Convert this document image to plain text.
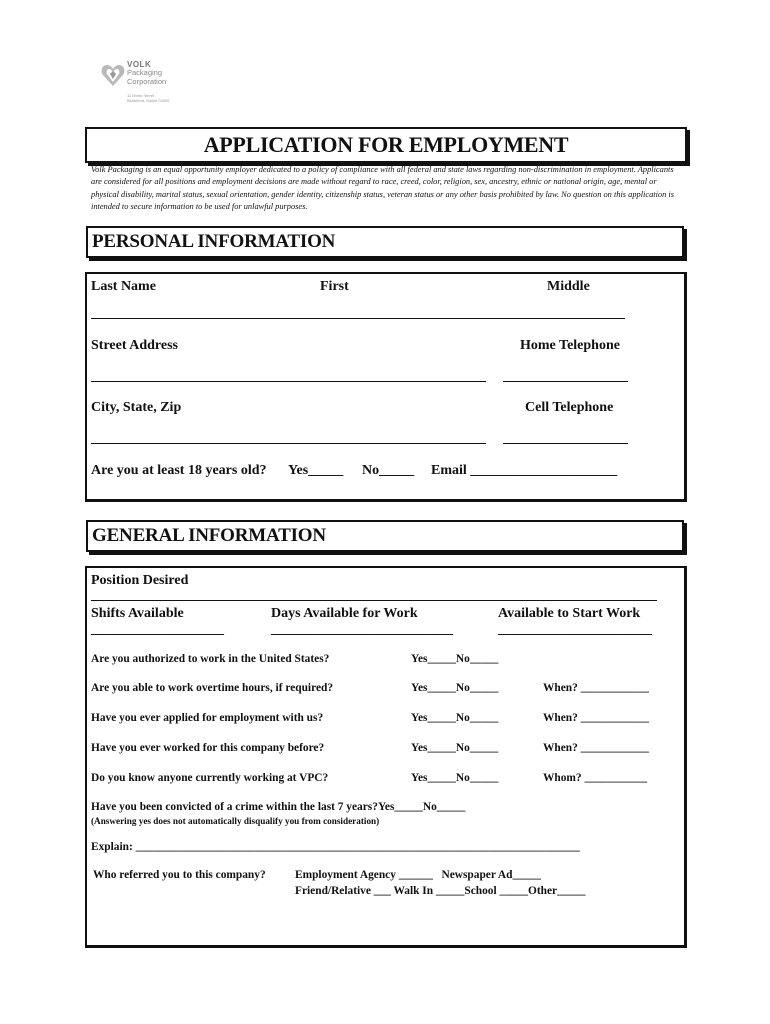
VOLK
Packaging
Corporation
11 Morin Street
Biddeford, Maine 04005
APPLICATION FOR EMPLOYMENT
Volk Packaging is an equal opportunity employer dedicated to a policy of compliance with all federal and state laws regarding non-discrimination in employment. Applicants are considered for all positions and employment decisions are made without regard to race, creed, color, religion, sex, ancestry, ethnic or national origin, age, mental or physical disability, marital status, sexual orientation, gender identity, citizenship status, veteran status or any other basis prohibited by law. No question on this application is intended to secure information to be used for unlawful purposes.
PERSONAL INFORMATION
Last Name	First	Middle
Street Address	Home Telephone
City, State, Zip	Cell Telephone
Are you at least 18 years old? Yes_____ No_____ Email _____________________
GENERAL INFORMATION
Position Desired
Shifts Available	Days Available for Work	Available to Start Work
___________________	__________________________	______________________
Are you authorized to work in the United States?	Yes_____No_____
Are you able to work overtime hours, if required?	Yes_____No_____	When? ____________
Have you ever applied for employment with us?	Yes_____No_____	When? ____________
Have you ever worked for this company before?	Yes_____No_____	When? ____________
Do you know anyone currently working at VPC?	Yes_____No_____	Whom? ___________
Have you been convicted of a crime within the last 7 years?Yes_____No_____
(Answering yes does not automatically disqualify you from consideration)
Explain: ______________________________________________________________________________
Who referred you to this company?	Employment Agency ______   Newspaper Ad_____
Friend/Relative ___ Walk In _____School _____Other_____
